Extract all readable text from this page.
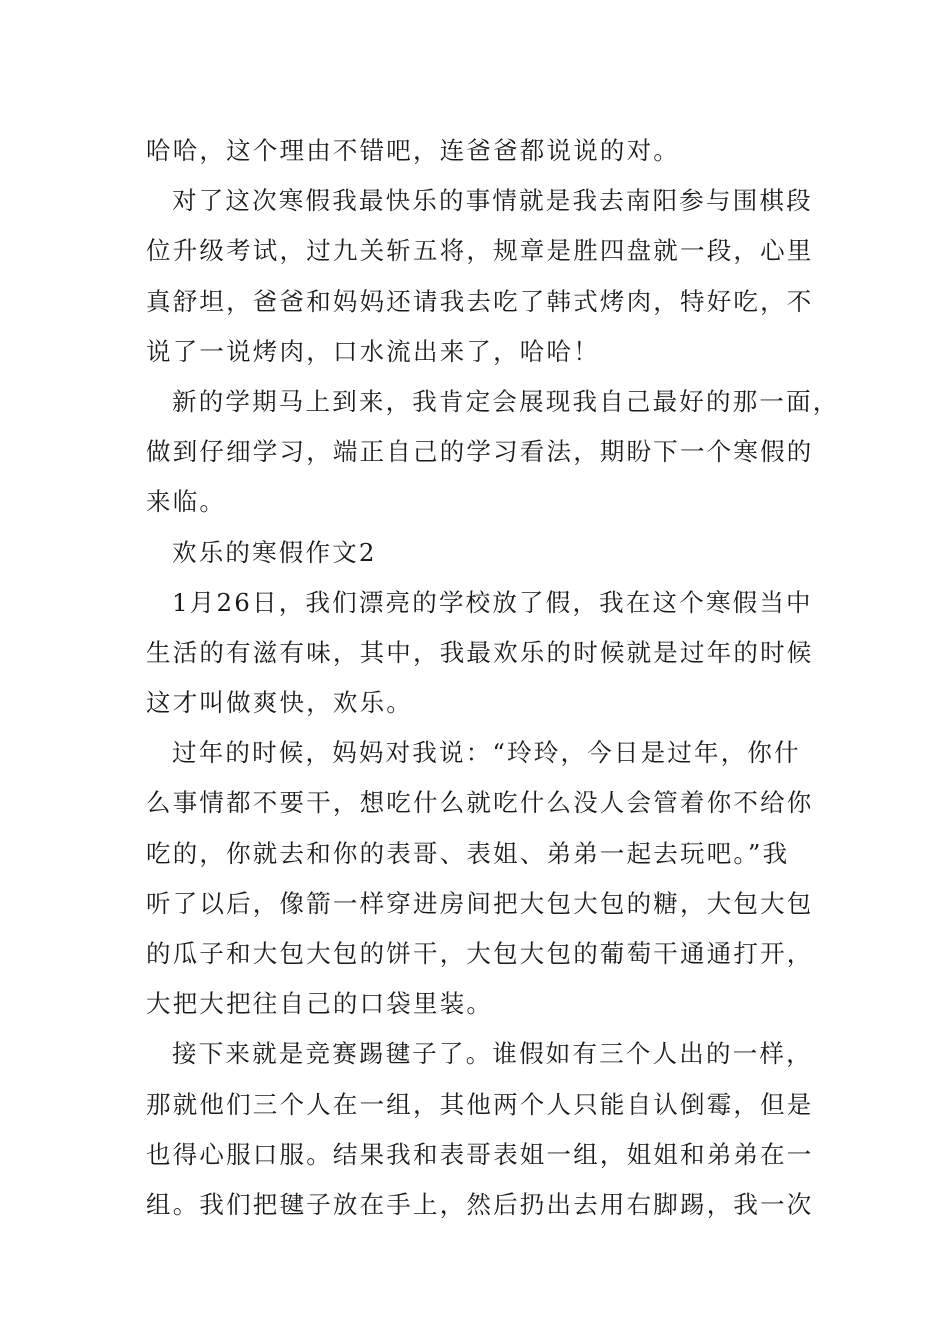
哈哈，这个理由不错吧，连爸爸都说说的对。
对了这次寒假我最快乐的事情就是我去南阳参与围棋段
位升级考试，过九关斩五将，规章是胜四盘就一段，心里
真舒坦，爸爸和妈妈还请我去吃了韩式烤肉，特好吃，不
说了一说烤肉，口水流出来了，哈哈！
新的学期马上到来，我肯定会展现我自己最好的那一面，
做到仔细学习，端正自己的学习看法，期盼下一个寒假的
来临。
欢乐的寒假作文2
1月26日，我们漂亮的学校放了假，我在这个寒假当中
生活的有滋有味，其中，我最欢乐的时候就是过年的时候
这才叫做爽快，欢乐。
过年的时候，妈妈对我说：“玲玲，今日是过年，你什
么事情都不要干，想吃什么就吃什么没人会管着你不给你
吃的，你就去和你的表哥、表姐、弟弟一起去玩吧。”我
听了以后，像箭一样穿进房间把大包大包的糖，大包大包
的瓜子和大包大包的饼干，大包大包的葡萄干通通打开，
大把大把往自己的口袋里装。
接下来就是竞赛踢毽子了。谁假如有三个人出的一样，
那就他们三个人在一组，其他两个人只能自认倒霉，但是
也得心服口服。结果我和表哥表姐一组，姐姐和弟弟在一
组。我们把毽子放在手上，然后扔出去用右脚踢，我一次
